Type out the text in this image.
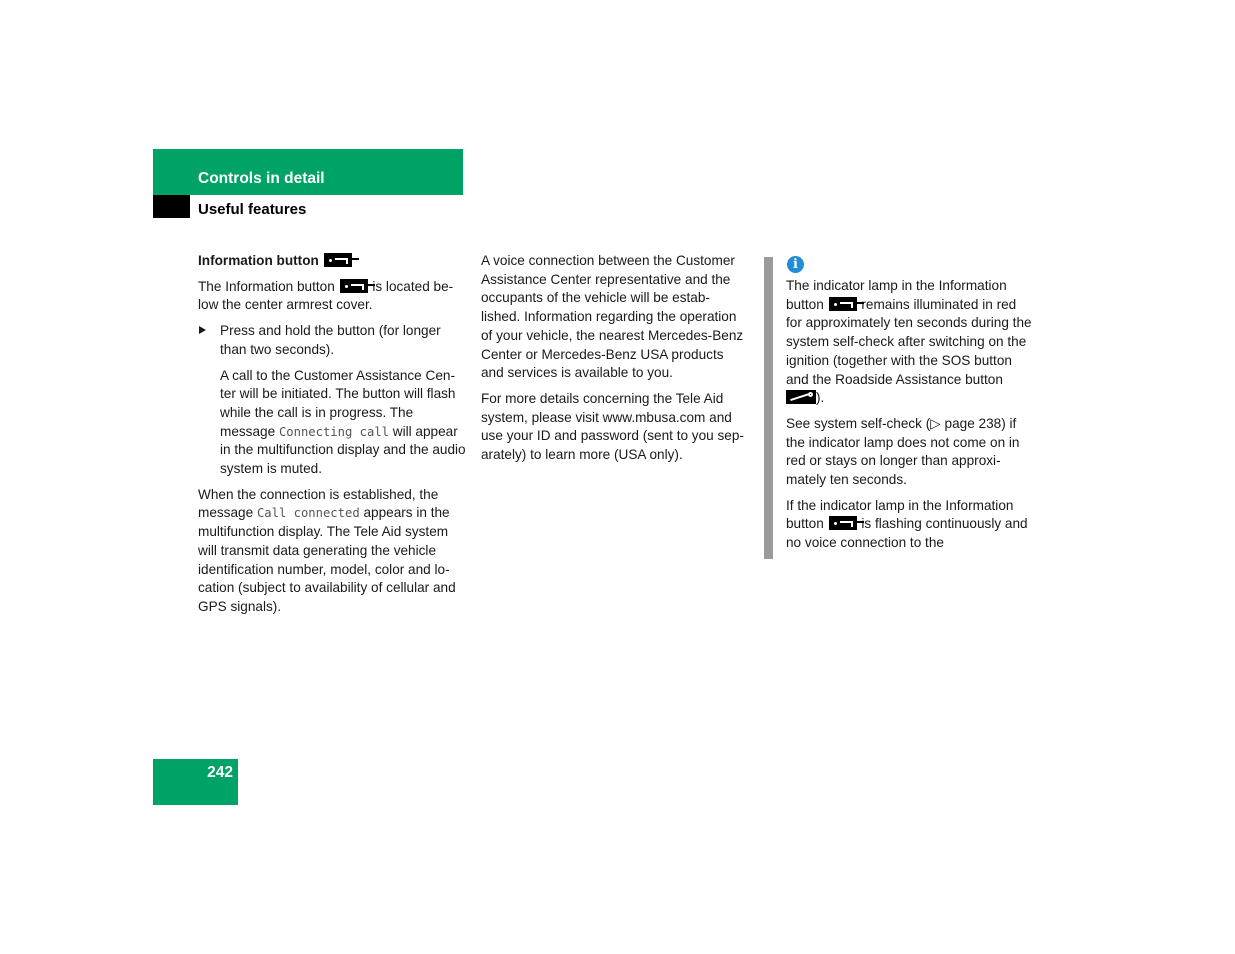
Controls in detail
Useful features

Information button

The Information button
is located be-low the center armrest cover.

Press and hold the button (for longer than two seconds).

A call to the Customer Assistance Cen-ter will be initiated. The button will flash while the call is in progress. The message Connecting call will appear in the multifunction display and the audio system is muted.

When the connection is established, the message Call connected appears in the multifunction display. The Tele Aid system will transmit data generating the vehicle identification number, model, color and lo-cation (subject to availability of cellular and GPS signals).

A voice connection between the Customer Assistance Center representative and the occupants of the vehicle will be estab-lished. Information regarding the operation of your vehicle, the nearest Mercedes-Benz Center or Mercedes-Benz USA products and services is available to you.

For more details concerning the Tele Aid system, please visit www.mbusa.com and use your ID and password (sent to you sep-arately) to learn more (USA only).

i

The indicator lamp in the Information button
remains illuminated in red for approximately ten seconds during the system self-check after switching on the ignition (together with the SOS button and the Roadside Assistance button ).

See system self-check (▷ page 238) if the indicator lamp does not come on in red or stays on longer than approxi-mately ten seconds.

If the indicator lamp in the Information button
is flashing continuously and no voice connection to the

242
